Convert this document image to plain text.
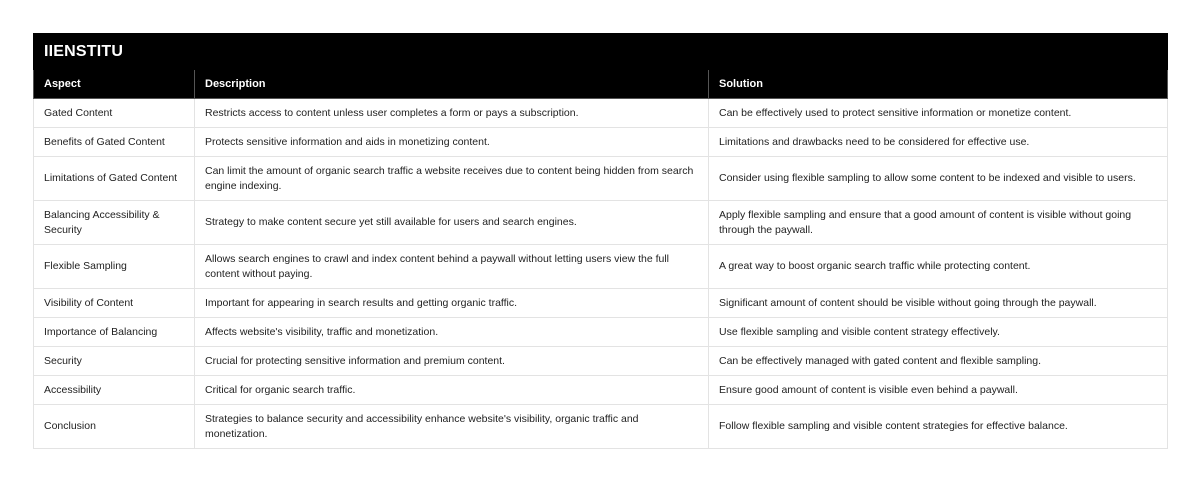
IIENSTITU		
Aspect	Description	Solution
Gated Content	Restricts access to content unless user completes a form or pays a subscription.	Can be effectively used to protect sensitive information or monetize content.
Benefits of Gated Content	Protects sensitive information and aids in monetizing content.	Limitations and drawbacks need to be considered for effective use.
Limitations of Gated Content	Can limit the amount of organic search traffic a website receives due to content being hidden from search engine indexing.	Consider using flexible sampling to allow some content to be indexed and visible to users.
Balancing Accessibility & Security	Strategy to make content secure yet still available for users and search engines.	Apply flexible sampling and ensure that a good amount of content is visible without going through the paywall.
Flexible Sampling	Allows search engines to crawl and index content behind a paywall without letting users view the full content without paying.	A great way to boost organic search traffic while protecting content.
Visibility of Content	Important for appearing in search results and getting organic traffic.	Significant amount of content should be visible without going through the paywall.
Importance of Balancing	Affects website's visibility, traffic and monetization.	Use flexible sampling and visible content strategy effectively.
Security	Crucial for protecting sensitive information and premium content.	Can be effectively managed with gated content and flexible sampling.
Accessibility	Critical for organic search traffic.	Ensure good amount of content is visible even behind a paywall.
Conclusion	Strategies to balance security and accessibility enhance website's visibility, organic traffic and monetization.	Follow flexible sampling and visible content strategies for effective balance.
